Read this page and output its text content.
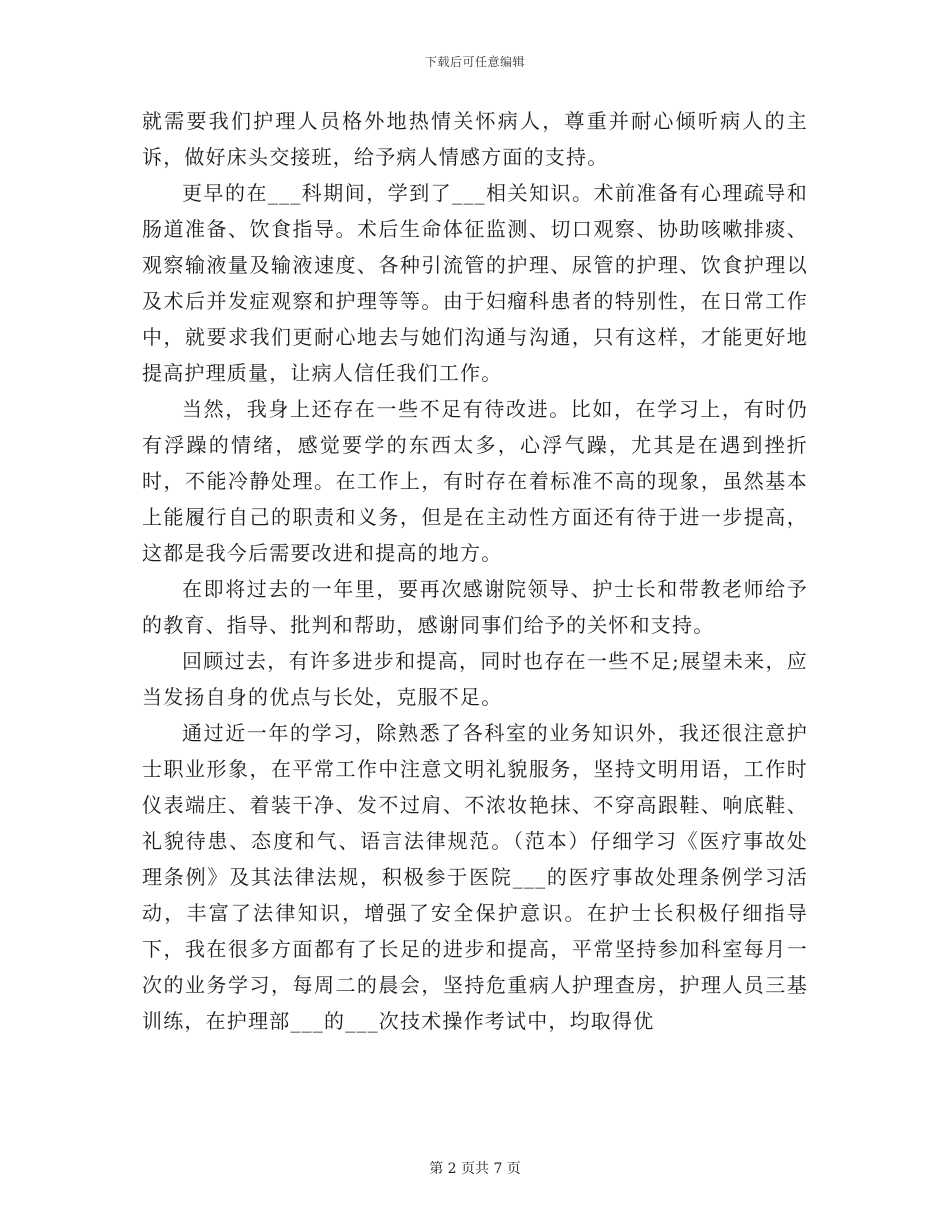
下载后可任意编辑

就需要我们护理人员格外地热情关怀病人，尊重并耐心倾听病人的主诉，做好床头交接班，给予病人情感方面的支持。

更早的在___科期间，学到了___相关知识。术前准备有心理疏导和肠道准备、饮食指导。术后生命体征监测、切口观察、协助咳嗽排痰、观察输液量及输液速度、各种引流管的护理、尿管的护理、饮食护理以及术后并发症观察和护理等等。由于妇瘤科患者的特别性，在日常工作中，就要求我们更耐心地去与她们沟通与沟通，只有这样，才能更好地提高护理质量，让病人信任我们工作。

当然，我身上还存在一些不足有待改进。比如，在学习上，有时仍有浮躁的情绪，感觉要学的东西太多，心浮气躁，尤其是在遇到挫折时，不能冷静处理。在工作上，有时存在着标准不高的现象，虽然基本上能履行自己的职责和义务，但是在主动性方面还有待于进一步提高，这都是我今后需要改进和提高的地方。

在即将过去的一年里，要再次感谢院领导、护士长和带教老师给予的教育、指导、批判和帮助，感谢同事们给予的关怀和支持。

回顾过去，有许多进步和提高，同时也存在一些不足;展望未来，应当发扬自身的优点与长处，克服不足。

通过近一年的学习，除熟悉了各科室的业务知识外，我还很注意护士职业形象，在平常工作中注意文明礼貌服务，坚持文明用语，工作时仪表端庄、着装干净、发不过肩、不浓妆艳抹、不穿高跟鞋、响底鞋、礼貌待患、态度和气、语言法律规范。（范本）仔细学习《医疗事故处理条例》及其法律法规，积极参于医院___的医疗事故处理条例学习活动，丰富了法律知识，增强了安全保护意识。在护士长积极仔细指导下，我在很多方面都有了长足的进步和提高，平常坚持参加科室每月一次的业务学习，每周二的晨会，坚持危重病人护理查房，护理人员三基训练，在护理部___的___次技术操作考试中，均取得优

第 2 页共 7 页
